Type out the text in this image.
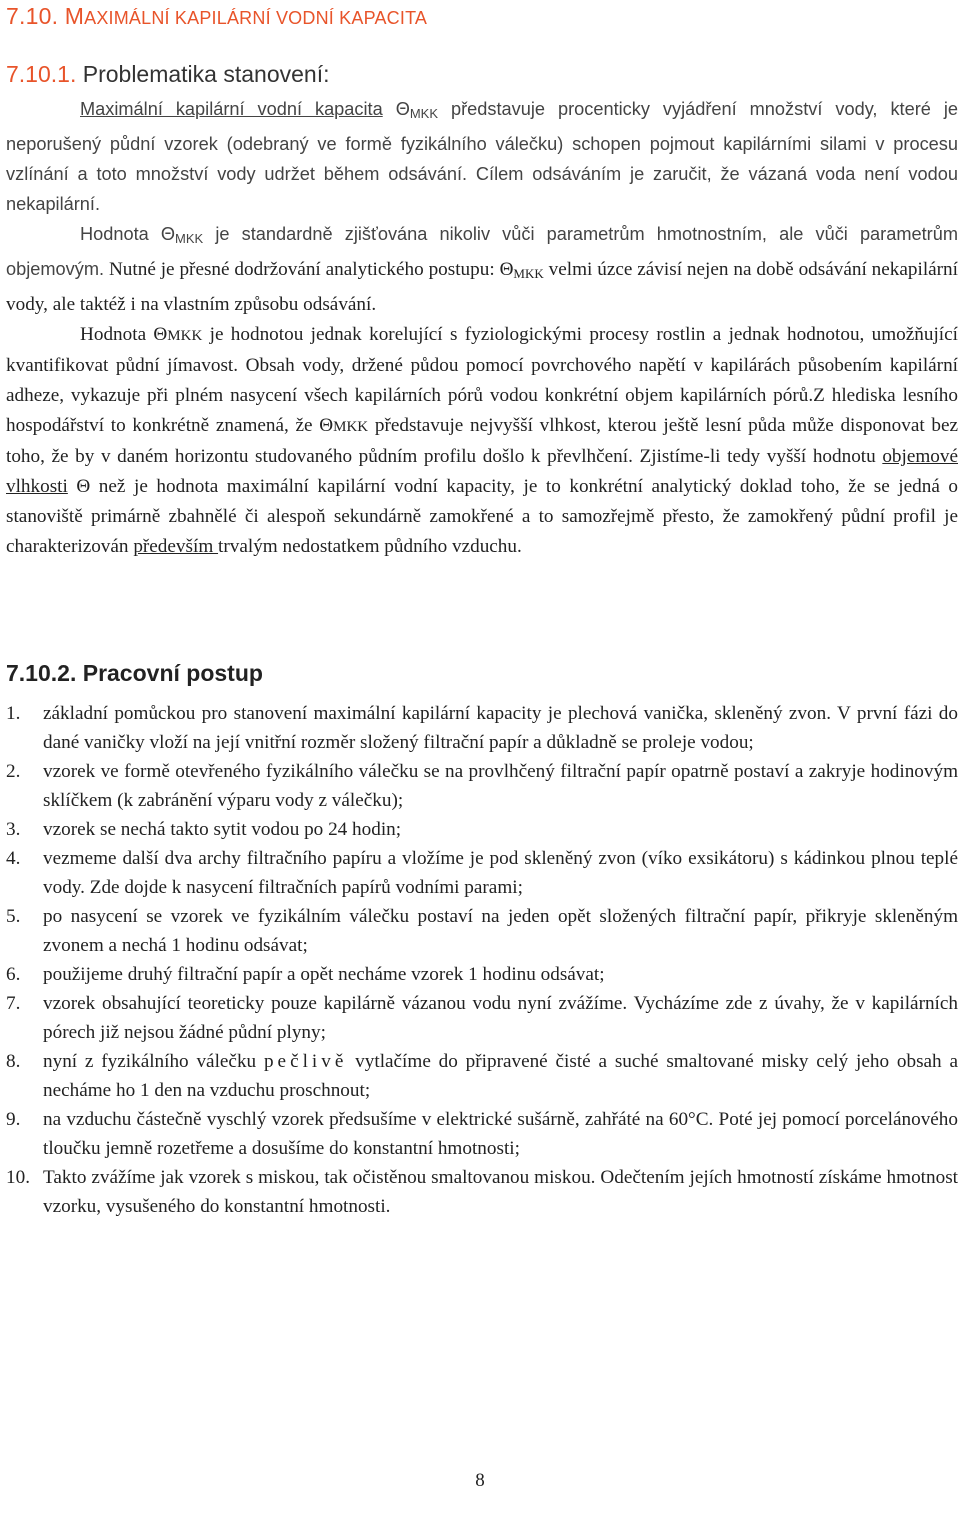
7.10. MAXIMÁLNÍ KAPILÁRNÍ VODNÍ KAPACITA
7.10.1. Problematika stanovení:

Maximální kapilární vodní kapacita $\Theta_{MKK}$ představuje procenticky vyjádření množství vody, které je neporušený půdní vzorek (odebraný ve formě fyzikálního válečku) schopen pojmout kapilárními silami v procesu vzlínání a toto množství vody udržet během odsávání. Cílem odsáváním je zaručit, že vázaná voda není vodou nekapilární.

Hodnota $\Theta_{MKK}$ je standardně zjišťována nikoliv vůči parametrům hmotnostním, ale vůči parametrům objemovým. Nutné je přesné dodržování analytického postupu: $\Theta_{MKK}$ velmi úzce závisí nejen na době odsávání nekapilární vody, ale taktéž i na vlastním způsobu odsávání.

Hodnota ΘMKK je hodnotou jednak korelující s fyziologickými procesy rostlin a jednak hodnotou, umožňující kvantifikovat půdní jímavost. Obsah vody, držené půdou pomocí povrchového napětí v kapilárách působením kapilární adheze, vykazuje při plném nasycení všech kapilárních pórů vodou konkrétní objem kapilárních pórů.Z hlediska lesního hospodářství to konkrétně znamená, že ΘMKK představuje nejvyšší vlhkost, kterou ještě lesní půda může disponovat bez toho, že by v daném horizontu studovaného půdním profilu došlo k převlhčení. Zjistíme-li tedy vyšší hodnotu objemové vlhkosti Θ než je hodnota maximální kapilární vodní kapacity, je to konkrétní analytický doklad toho, že se jedná o stanoviště primárně zbahnělé či alespoň sekundárně zamokřené a to samozřejmě přesto, že zamokřený půdní profil je charakterizován především trvalým nedostatkem půdního vzduchu.

7.10.2. Pracovní postup
1. základní pomůckou pro stanovení maximální kapilární kapacity je plechová vanička, skleněný zvon. V první fázi do dané vaničky vloží na její vnitřní rozměr složený filtrační papír a důkladně se proleje vodou;
2. vzorek ve formě otevřeného fyzikálního válečku se na provlhčený filtrační papír opatrně postaví a zakryje hodinovým sklíčkem (k zabránění výparu vody z válečku);
3. vzorek se nechá takto sytit vodou po 24 hodin;
4. vezmeme další dva archy filtračního papíru a vložíme je pod skleněný zvon (víko exsikátoru) s kádinkou plnou teplé vody. Zde dojde k nasycení filtračních papírů vodními parami;
5. po nasycení se vzorek ve fyzikálním válečku postaví na jeden opět složených filtrační papír, přikryje skleněným zvonem a nechá 1 hodinu odsávat;
6. použijeme druhý filtrační papír a opět necháme vzorek 1 hodinu odsávat;
7. vzorek obsahující teoreticky pouze kapilárně vázanou vodu nyní zvážíme. Vycházíme zde z úvahy, že v kapilárních pórech již nejsou žádné půdní plyny;
8. nyní z fyzikálního válečku pečlivě vytlačíme do připravené čisté a suché smaltované misky celý jeho obsah a necháme ho 1 den na vzduchu proschnout;
9. na vzduchu částečně vyschlý vzorek předsušíme v elektrické sušárně, zahřáté na 60°C. Poté jej pomocí porcelánového tloučku jemně rozetřeme a dosušíme do konstantní hmotnosti;
10. Takto zvážíme jak vzorek s miskou, tak očistěnou smaltovanou miskou. Odečtením jejích hmotností získáme hmotnost vzorku, vysušeného do konstantní hmotnosti.
8
